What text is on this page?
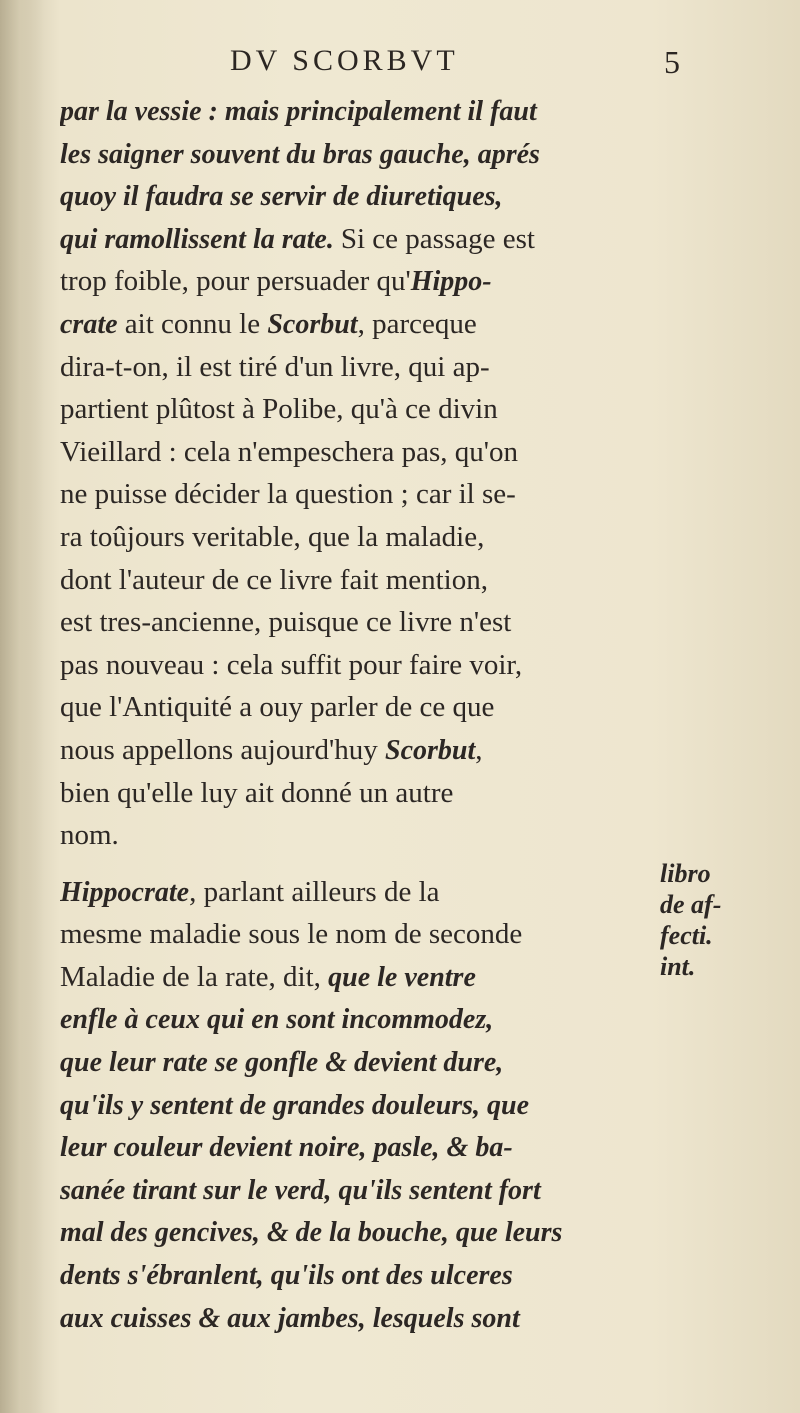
DV SCORBVT	5
par la vessie : mais principalement il faut
les saigner souvent du bras gauche, aprés
quoy il faudra se servir de diuretiques,
qui ramollissent la rate. Si ce passage est
trop foible, pour persuader qu'Hippo-
crate ait connu le Scorbut, parceque
dira-t-on, il est tiré d'un livre, qui ap-
partient plûtost à Polibe, qu'à ce divin
Vieillard : cela n'empeschera pas, qu'on
ne puisse décider la question ; car il se-
ra toûjours veritable, que la maladie,
dont l'auteur de ce livre fait mention,
est tres-ancienne, puisque ce livre n'est
pas nouveau : cela suffit pour faire voir,
que l'Antiquité a ouy parler de ce que
nous appellons aujourd'huy Scorbut,
bien qu'elle luy ait donné un autre
nom.
Hippocrate, parlant ailleurs de la
mesme maladie sous le nom de seconde
Maladie de la rate, dit, que le ventre
enfle à ceux qui en sont incommodez,
que leur rate se gonfle & devient dure,
qu'ils y sentent de grandes douleurs, que
leur couleur devient noire, pasle, & ba-
sanée tirant sur le verd, qu'ils sentent fort
mal des gencives, & de la bouche, que leurs
dents s'ébranlent, qu'ils ont des ulceres
aux cuisses & aux jambes, lesquels sont
libro
de af-
fecti.
int.
